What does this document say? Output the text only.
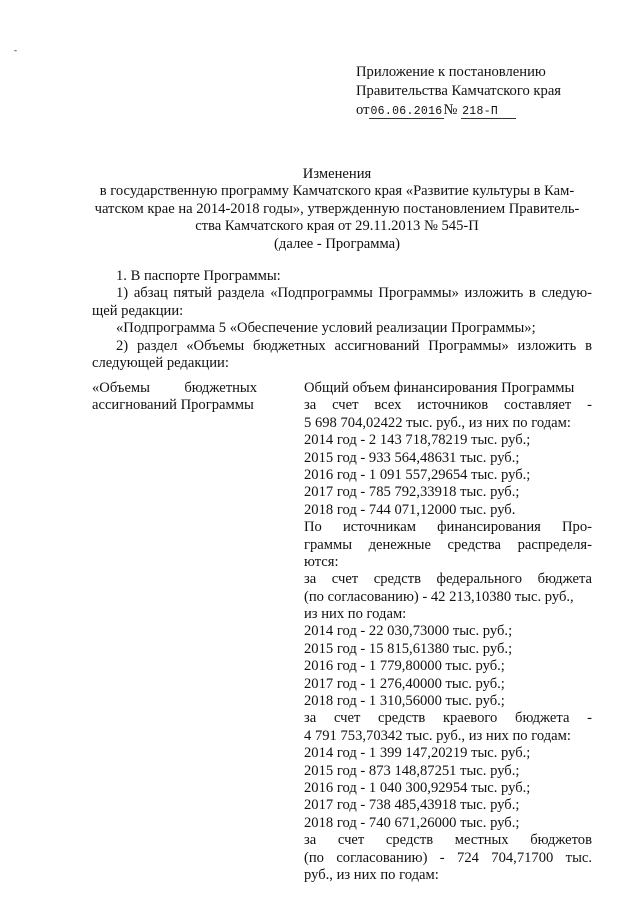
-
Приложение к постановлению
Правительства Камчатского края
от06.06.2016№ 218-П
Изменения
в государственную программу Камчатского края «Развитие культуры в Кам-
чатском крае на 2014-2018 годы», утвержденную постановлением Правитель-
ства Камчатского края от 29.11.2013 № 545-П
(далее - Программа)
1. В паспорте Программы:
1) абзац пятый раздела «Подпрограммы Программы» изложить в следую-
щей редакции:
«Подпрограмма 5 «Обеспечение условий реализации Программы»;
2) раздел «Объемы бюджетных ассигнований Программы» изложить в
следующей редакции:
«Объемы бюджетных
ассигнований Программы
Общий объем финансирования Программы
за счет всех источников составляет -
5 698 704,02422 тыс. руб., из них по годам:
2014 год - 2 143 718,78219 тыс. руб.;
2015 год - 933 564,48631 тыс. руб.;
2016 год - 1 091 557,29654 тыс. руб.;
2017 год - 785 792,33918 тыс. руб.;
2018 год - 744 071,12000 тыс. руб.
По источникам финансирования Про-
граммы денежные средства распределя-
ются:
за счет средств федерального бюджета
(по согласованию) - 42 213,10380 тыс. руб.,
из них по годам:
2014 год - 22 030,73000 тыс. руб.;
2015 год - 15 815,61380 тыс. руб.;
2016 год - 1 779,80000 тыс. руб.;
2017 год - 1 276,40000 тыс. руб.;
2018 год - 1 310,56000 тыс. руб.;
за счет средств краевого бюджета -
4 791 753,70342 тыс. руб., из них по годам:
2014 год - 1 399 147,20219 тыс. руб.;
2015 год - 873 148,87251 тыс. руб.;
2016 год - 1 040 300,92954 тыс. руб.;
2017 год - 738 485,43918 тыс. руб.;
2018 год - 740 671,26000 тыс. руб.;
за счет средств местных бюджетов
(по согласованию) - 724 704,71700 тыс.
руб., из них по годам:
